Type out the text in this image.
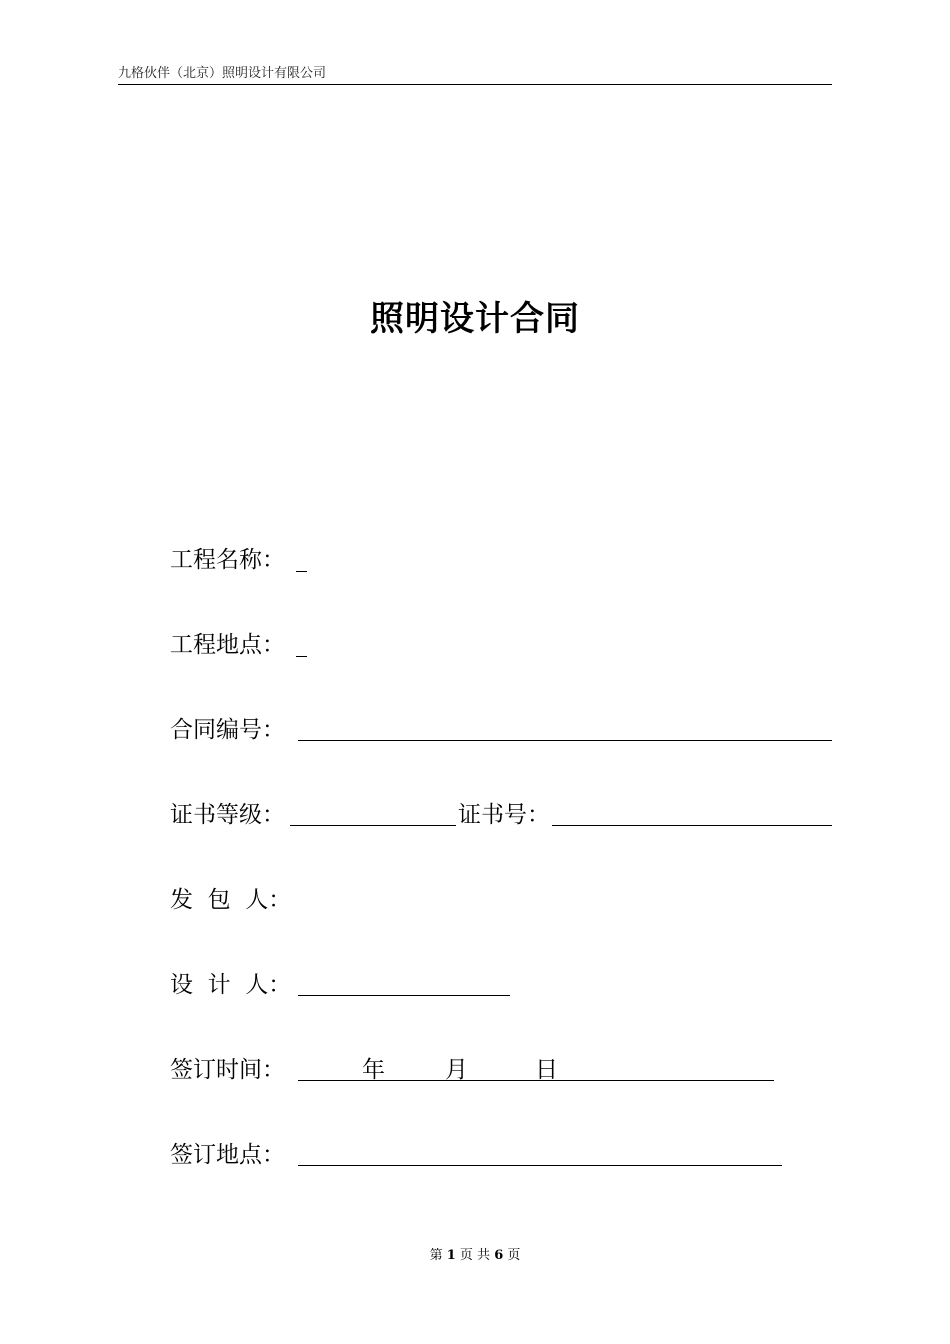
九格伙伴（北京）照明设计有限公司
照明设计合同
工程名称：
工程地点：
合同编号：
证书等级：	证书号：
发  包  人：
设  计  人：
签订时间：	年	月	日
签订地点：
第 1 页 共 6 页
